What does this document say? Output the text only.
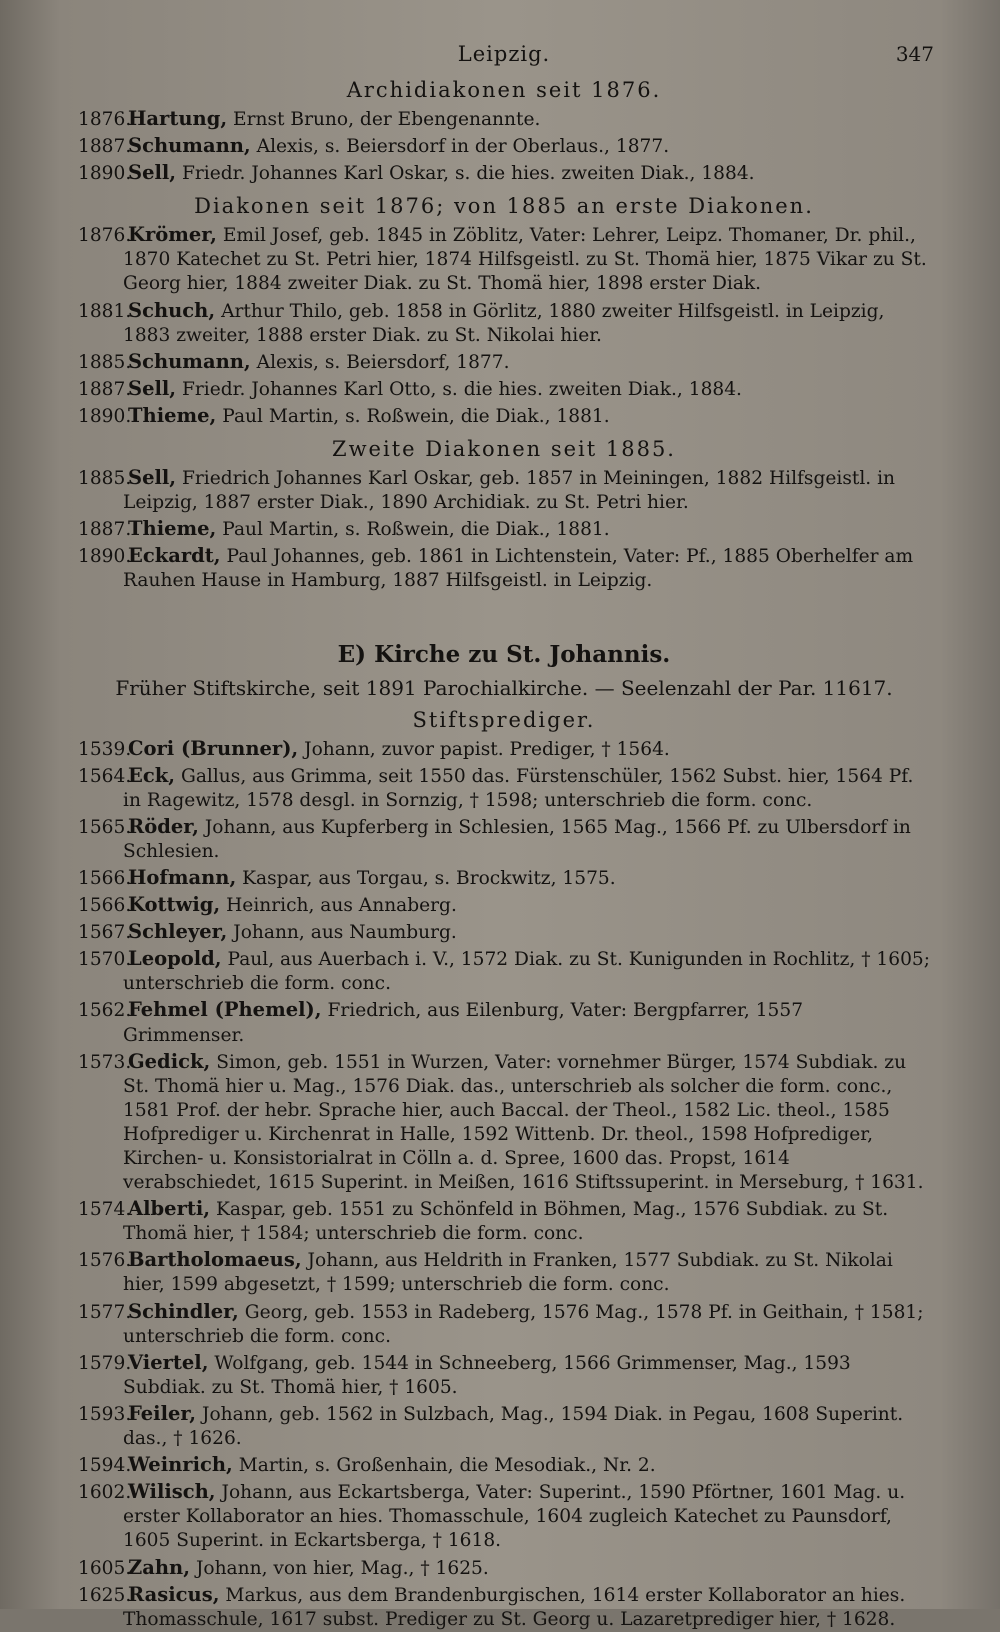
Leipzig.	347
Archidiakonen seit 1876.

1876.Hartung, Ernst Bruno, der Ebengenannte.

1887.Schumann, Alexis, s. Beiersdorf in der Oberlaus., 1877.

1890.Sell, Friedr. Johannes Karl Oskar, s. die hies. zweiten Diak., 1884.

Diakonen seit 1876; von 1885 an erste Diakonen.

1876.Krömer, Emil Josef, geb. 1845 in Zöblitz, Vater: Lehrer, Leipz. Thomaner, Dr. phil., 1870 Katechet zu St. Petri hier, 1874 Hilfsgeistl. zu St. Thomä hier, 1875 Vikar zu St. Georg hier, 1884 zweiter Diak. zu St. Thomä hier, 1898 erster Diak.

1881.Schuch, Arthur Thilo, geb. 1858 in Görlitz, 1880 zweiter Hilfsgeistl. in Leipzig, 1883 zweiter, 1888 erster Diak. zu St. Nikolai hier.

1885.Schumann, Alexis, s. Beiersdorf, 1877.

1887.Sell, Friedr. Johannes Karl Otto, s. die hies. zweiten Diak., 1884.

1890.Thieme, Paul Martin, s. Roßwein, die Diak., 1881.

Zweite Diakonen seit 1885.

1885.Sell, Friedrich Johannes Karl Oskar, geb. 1857 in Meiningen, 1882 Hilfsgeistl. in Leipzig, 1887 erster Diak., 1890 Archidiak. zu St. Petri hier.

1887.Thieme, Paul Martin, s. Roßwein, die Diak., 1881.

1890.Eckardt, Paul Johannes, geb. 1861 in Lichtenstein, Vater: Pf., 1885 Oberhelfer am Rauhen Hause in Hamburg, 1887 Hilfsgeistl. in Leipzig.

E) Kirche zu St. Johannis.
Früher Stiftskirche, seit 1891 Parochialkirche. — Seelenzahl der Par. 11617.
Stiftsprediger.

1539.Cori (Brunner), Johann, zuvor papist. Prediger, † 1564.

1564.Eck, Gallus, aus Grimma, seit 1550 das. Fürstenschüler, 1562 Subst. hier, 1564 Pf. in Ragewitz, 1578 desgl. in Sornzig, † 1598; unterschrieb die form. conc.

1565.Röder, Johann, aus Kupferberg in Schlesien, 1565 Mag., 1566 Pf. zu Ulbersdorf in Schlesien.

1566.Hofmann, Kaspar, aus Torgau, s. Brockwitz, 1575.

1566.Kottwig, Heinrich, aus Annaberg.

1567.Schleyer, Johann, aus Naumburg.

1570.Leopold, Paul, aus Auerbach i. V., 1572 Diak. zu St. Kunigunden in Rochlitz, † 1605; unterschrieb die form. conc.

1562.Fehmel (Phemel), Friedrich, aus Eilenburg, Vater: Bergpfarrer, 1557 Grimmenser.

1573.Gedick, Simon, geb. 1551 in Wurzen, Vater: vornehmer Bürger, 1574 Subdiak. zu St. Thomä hier u. Mag., 1576 Diak. das., unterschrieb als solcher die form. conc., 1581 Prof. der hebr. Sprache hier, auch Baccal. der Theol., 1582 Lic. theol., 1585 Hofprediger u. Kirchenrat in Halle, 1592 Wittenb. Dr. theol., 1598 Hofprediger, Kirchen- u. Konsistorialrat in Cölln a. d. Spree, 1600 das. Propst, 1614 verabschiedet, 1615 Superint. in Meißen, 1616 Stiftssuperint. in Merseburg, † 1631.

1574.Alberti, Kaspar, geb. 1551 zu Schönfeld in Böhmen, Mag., 1576 Subdiak. zu St. Thomä hier, † 1584; unterschrieb die form. conc.

1576.Bartholomaeus, Johann, aus Heldrith in Franken, 1577 Subdiak. zu St. Nikolai hier, 1599 abgesetzt, † 1599; unterschrieb die form. conc.

1577.Schindler, Georg, geb. 1553 in Radeberg, 1576 Mag., 1578 Pf. in Geithain, † 1581; unterschrieb die form. conc.

1579.Viertel, Wolfgang, geb. 1544 in Schneeberg, 1566 Grimmenser, Mag., 1593 Subdiak. zu St. Thomä hier, † 1605.

1593.Feiler, Johann, geb. 1562 in Sulzbach, Mag., 1594 Diak. in Pegau, 1608 Superint. das., † 1626.

1594.Weinrich, Martin, s. Großenhain, die Mesodiak., Nr. 2.

1602.Wilisch, Johann, aus Eckartsberga, Vater: Superint., 1590 Pförtner, 1601 Mag. u. erster Kollaborator an hies. Thomasschule, 1604 zugleich Katechet zu Paunsdorf, 1605 Superint. in Eckartsberga, † 1618.

1605.Zahn, Johann, von hier, Mag., † 1625.

1625.Rasicus, Markus, aus dem Brandenburgischen, 1614 erster Kollaborator an hies. Thomasschule, 1617 subst. Prediger zu St. Georg u. Lazaretprediger hier, † 1628.
